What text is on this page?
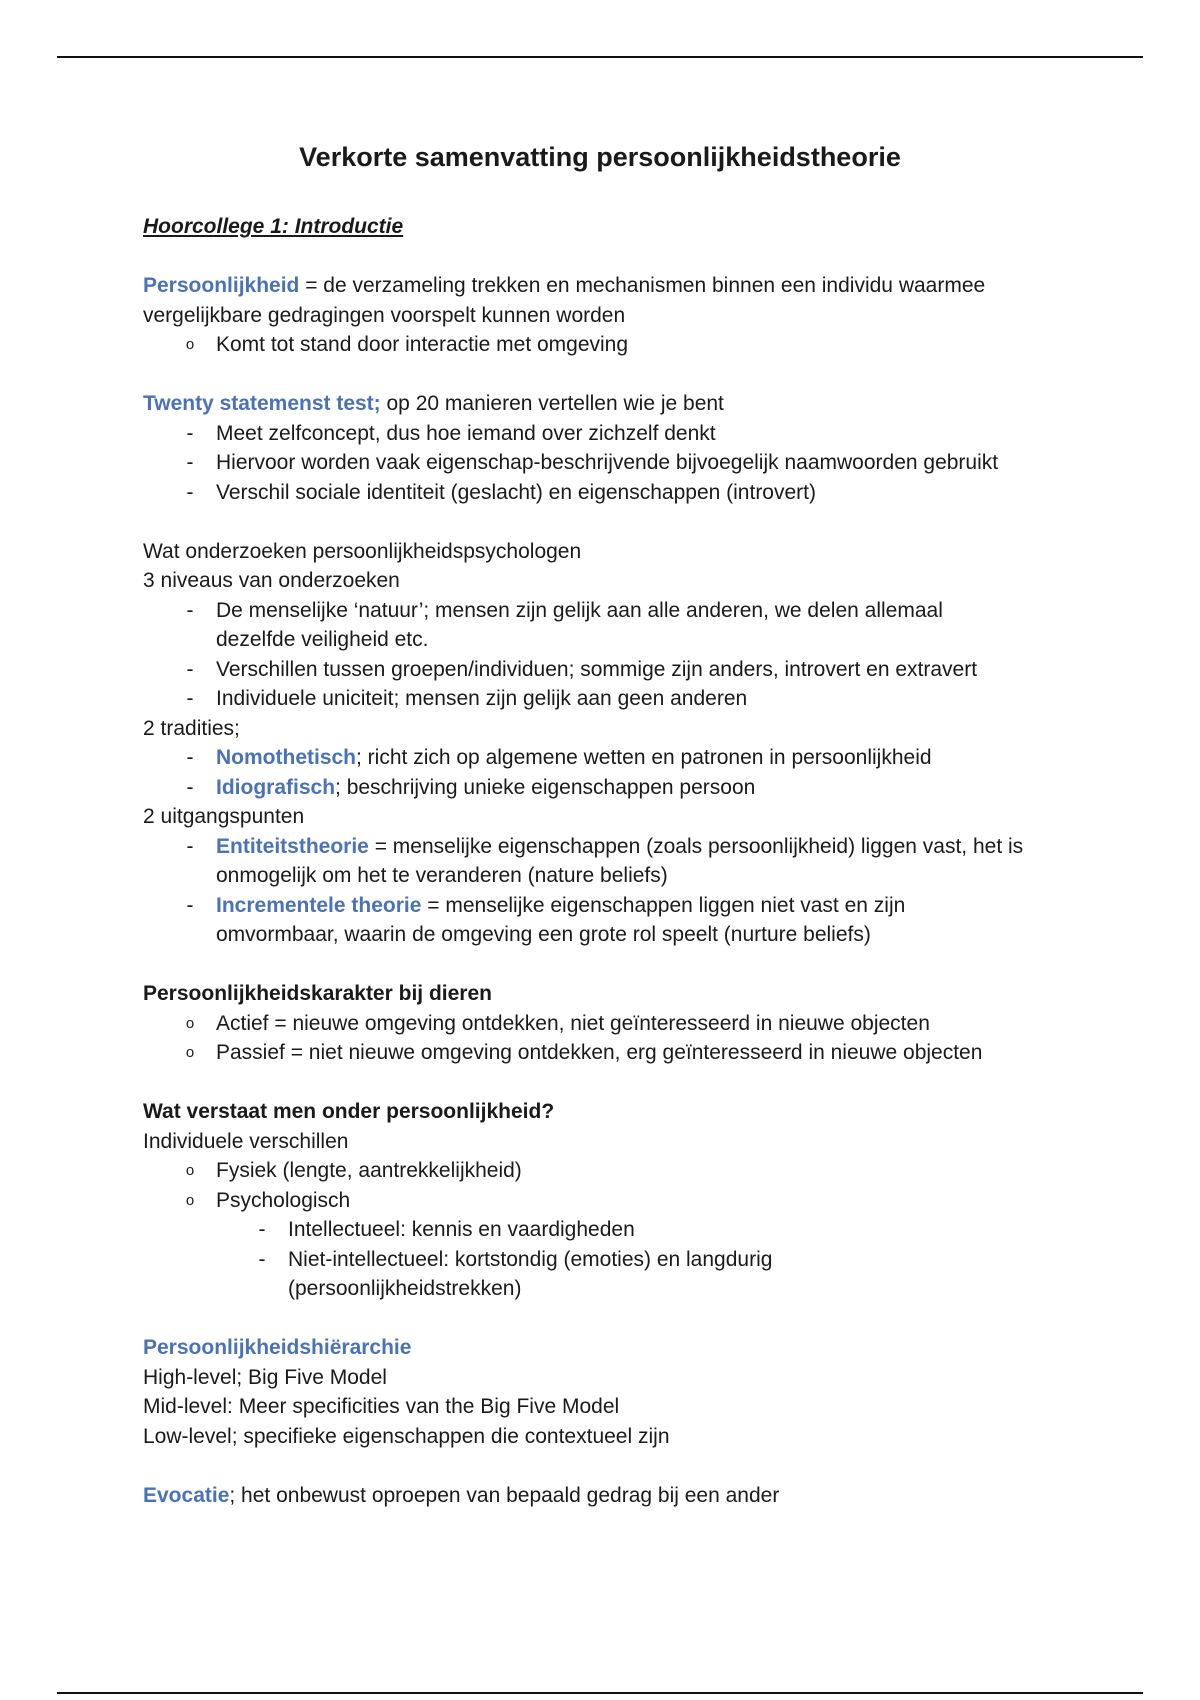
Verkorte samenvatting persoonlijkheidstheorie

Hoorcollege 1: Introductie

Persoonlijkheid = de verzameling trekken en mechanismen binnen een individu waarmee

vergelijkbare gedragingen voorspelt kunnen worden

o Komt tot stand door interactie met omgeving

Twenty statemenst test; op 20 manieren vertellen wie je bent

-	Meet zelfconcept, dus hoe iemand over zichzelf denkt
-	Hiervoor worden vaak eigenschap-beschrijvende bijvoegelijk naamwoorden gebruikt
-	Verschil sociale identiteit (geslacht) en eigenschappen (introvert)

Wat onderzoeken persoonlijkheidspsychologen

3 niveaus van onderzoeken

-	De menselijke ‘natuur’; mensen zijn gelijk aan alle anderen, we delen allemaal
dezelfde veiligheid etc.
-	Verschillen tussen groepen/individuen; sommige zijn anders, introvert en extravert
-	Individuele uniciteit; mensen zijn gelijk aan geen anderen

2 tradities;

-	Nomothetisch; richt zich op algemene wetten en patronen in persoonlijkheid
-	Idiografisch; beschrijving unieke eigenschappen persoon

2 uitgangspunten

-	Entiteitstheorie = menselijke eigenschappen (zoals persoonlijkheid) liggen vast, het is
onmogelijk om het te veranderen (nature beliefs)
-	Incrementele theorie = menselijke eigenschappen liggen niet vast en zijn
omvormbaar, waarin de omgeving een grote rol speelt (nurture beliefs)

Persoonlijkheidskarakter bij dieren

o Actief = nieuwe omgeving ontdekken, niet geïnteresseerd in nieuwe objecten
o Passief = niet nieuwe omgeving ontdekken, erg geïnteresseerd in nieuwe objecten

Wat verstaat men onder persoonlijkheid?

Individuele verschillen

o Fysiek (lengte, aantrekkelijkheid)
o Psychologisch
-	Intellectueel: kennis en vaardigheden
-	Niet-intellectueel: kortstondig (emoties) en langdurig
(persoonlijkheidstrekken)

Persoonlijkheidshiërarchie

High-level; Big Five Model

Mid-level: Meer specificities van the Big Five Model

Low-level; specifieke eigenschappen die contextueel zijn

Evocatie; het onbewust oproepen van bepaald gedrag bij een ander
